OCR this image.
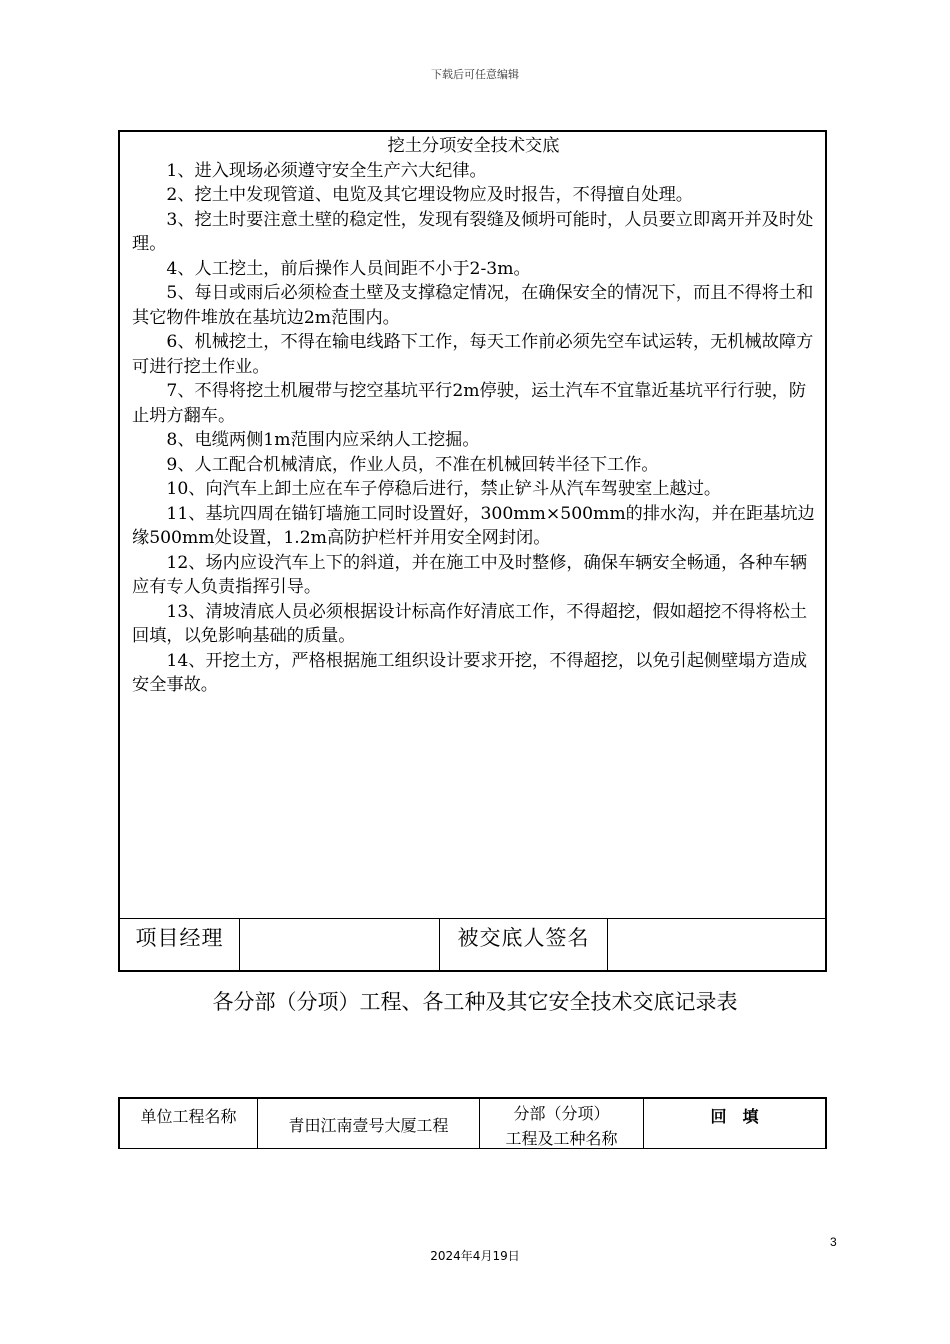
下载后可任意编辑
挖土分项安全技术交底

1、进入现场必须遵守安全生产六大纪律。

2、挖土中发现管道、电览及其它埋设物应及时报告，不得擅自处理。

3、挖土时要注意土壁的稳定性，发现有裂缝及倾坍可能时，人员要立即离开并及时处理。

4、人工挖土，前后操作人员间距不小于2-3m。

5、每日或雨后必须检查土壁及支撑稳定情况，在确保安全的情况下，而且不得将土和其它物件堆放在基坑边2m范围内。

6、机械挖土，不得在输电线路下工作，每天工作前必须先空车试运转，无机械故障方可进行挖土作业。

7、不得将挖土机履带与挖空基坑平行2m停驶，运土汽车不宜靠近基坑平行行驶，防止坍方翻车。

8、电缆两侧1m范围内应采纳人工挖掘。

9、人工配合机械清底，作业人员，不准在机械回转半径下工作。

10、向汽车上卸土应在车子停稳后进行，禁止铲斗从汽车驾驶室上越过。

11、基坑四周在锚钉墙施工同时设置好，300mm×500mm的排水沟，并在距基坑边缘500mm处设置，1.2m高防护栏杆并用安全网封闭。

12、场内应设汽车上下的斜道，并在施工中及时整修，确保车辆安全畅通，各种车辆应有专人负责指挥引导。

13、清坡清底人员必须根据设计标高作好清底工作，不得超挖，假如超挖不得将松土回填，以免影响基础的质量。

14、开挖土方，严格根据施工组织设计要求开挖，不得超挖，以免引起侧壁塌方造成安全事故。

项目经理	被交底人签名
各分部（分项）工程、各工种及其它安全技术交底记录表
单位工程名称	青田江南壹号大厦工程
分部（分项）
工程及工种名称
回　填
3
2024年4月19日
